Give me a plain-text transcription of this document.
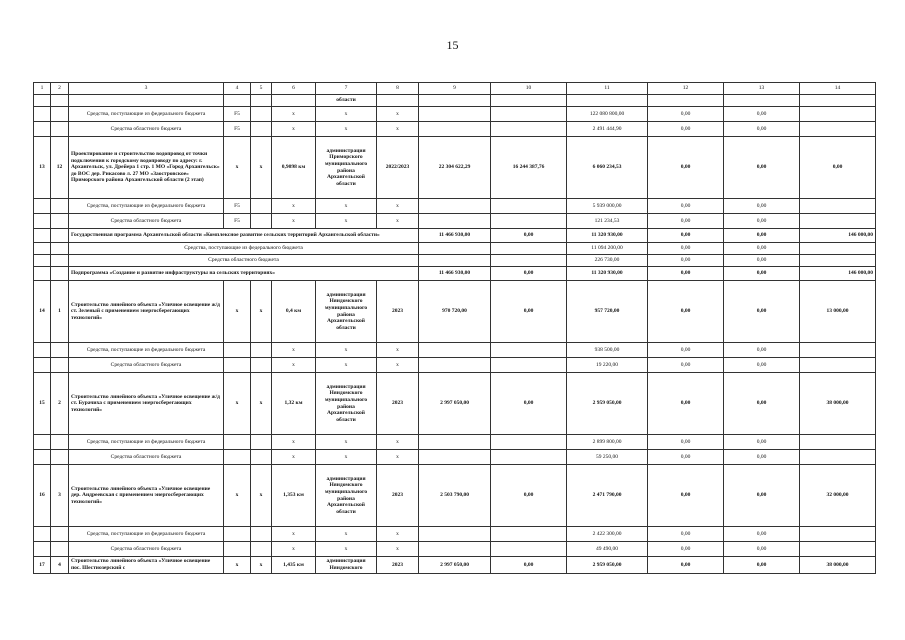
15
1	2	3	4	5	6	7	8	9	10	11	12	13	14
						области							
		Средства, поступающие из федерального бюджета	F5		х	х	х			122 080 800,00	0,00	0,00	
		Средства областного бюджета	F5		х	х	х			2 491 444,90	0,00	0,00	
13	12	Проектирование и строительство водопровод от точки подключения к городскому водопроводу по адресу: г. Архангельск, ул. Дрейера 1 стр. 1 МО «Город Архангельск» до ВОС дер. Рикасово л. 27 МО «Заостровское» Приморского района Архангельской области (2 этап)	х	х	0,9098 км	администрация Приморского муниципального района Архангельской области	2022/2023	22 304 622,29	16 244 387,76	6 060 234,53	0,00	0,00	0,00
		Средства, поступающие из федерального бюджета	F5		х	х	х			5 939 000,00	0,00	0,00	
		Средства областного бюджета	F5		х	х	х			121 234,53	0,00	0,00	
		Государственная программа Архангельской области «Комплексное развитие сельских территорий Архангельской области»						11 466 930,00	0,00	11 320 930,00	0,00	0,00	146 000,00
		Средства, поступающие из федерального бюджета								11 094 200,00	0,00	0,00	
		Средства областного бюджета								226 730,00	0,00	0,00	
		Подпрограмма «Создание и развитие инфраструктуры на сельских территориях»						11 466 930,00	0,00	11 320 930,00	0,00	0,00	146 000,00
14	1	Строительство линейного объекта «Уличное освещение ж/д ст. Зеленый с применением энергосберегающих технологий»	х	х	0,4 км	администрация Няндомского муниципального района Архангельской области	2023	970 720,00	0,00	957 720,00	0,00	0,00	13 000,00
		Средства, поступающие из федерального бюджета			х	х	х			938 500,00	0,00	0,00	
		Средства областного бюджета			х	х	х			19 220,00	0,00	0,00	
15	2	Строительство линейного объекта «Уличное освещение ж/д ст. Бурачиха с применением энергосберегающих технологий»	х	х	1,32 км	администрация Няндомского муниципального района Архангельской области	2023	2 997 050,00	0,00	2 959 050,00	0,00	0,00	38 000,00
		Средства, поступающие из федерального бюджета			х	х	х			2 899 800,00	0,00	0,00	
		Средства областного бюджета			х	х	х			59 250,00	0,00	0,00	
16	3	Строительство линейного объекта «Уличное освещение дер. Андреевская с применением энергосберегающих технологий»	х	х	1,353 км	администрация Няндомского муниципального района Архангельской области	2023	2 503 790,00	0,00	2 471 790,00	0,00	0,00	32 000,00
		Средства, поступающие из федерального бюджета			х	х	х			2 422 300,00	0,00	0,00	
		Средства областного бюджета			х	х	х			49 490,00	0,00	0,00	
17	4	Строительство линейного объекта «Уличное освещение пос. Шестиозерский с	х	х	1,435 км	администрация Няндомского	2023	2 997 050,00	0,00	2 959 050,00	0,00	0,00	38 000,00
